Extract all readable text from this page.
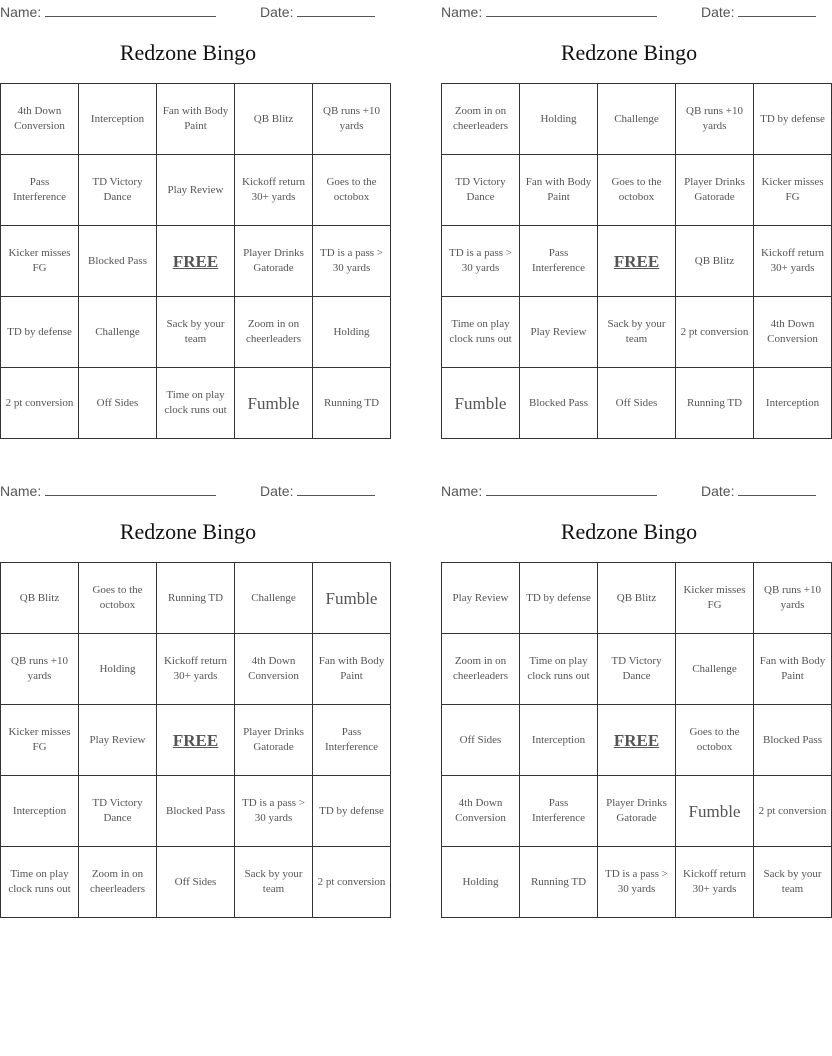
Name:	Date:
Redzone Bingo
4th Down Conversion	Interception	Fan with Body Paint	QB Blitz	QB runs +10 yards
Pass Interference	TD Victory Dance	Play Review	Kickoff return 30+ yards	Goes to the octobox
Kicker misses FG	Blocked Pass	FREE	Player Drinks Gatorade	TD is a pass > 30 yards
TD by defense	Challenge	Sack by your team	Zoom in on cheerleaders	Holding
2 pt conversion	Off Sides	Time on play clock runs out	Fumble	Running TD
Name:	Date:
Redzone Bingo
Zoom in on cheerleaders	Holding	Challenge	QB runs +10 yards	TD by defense
TD Victory Dance	Fan with Body Paint	Goes to the octobox	Player Drinks Gatorade	Kicker misses FG
TD is a pass > 30 yards	Pass Interference	FREE	QB Blitz	Kickoff return 30+ yards
Time on play clock runs out	Play Review	Sack by your team	2 pt conversion	4th Down Conversion
Fumble	Blocked Pass	Off Sides	Running TD	Interception
Name:	Date:
Redzone Bingo
QB Blitz	Goes to the octobox	Running TD	Challenge	Fumble
QB runs +10 yards	Holding	Kickoff return 30+ yards	4th Down Conversion	Fan with Body Paint
Kicker misses FG	Play Review	FREE	Player Drinks Gatorade	Pass Interference
Interception	TD Victory Dance	Blocked Pass	TD is a pass > 30 yards	TD by defense
Time on play clock runs out	Zoom in on cheerleaders	Off Sides	Sack by your team	2 pt conversion
Name:	Date:
Redzone Bingo
Play Review	TD by defense	QB Blitz	Kicker misses FG	QB runs +10 yards
Zoom in on cheerleaders	Time on play clock runs out	TD Victory Dance	Challenge	Fan with Body Paint
Off Sides	Interception	FREE	Goes to the octobox	Blocked Pass
4th Down Conversion	Pass Interference	Player Drinks Gatorade	Fumble	2 pt conversion
Holding	Running TD	TD is a pass > 30 yards	Kickoff return 30+ yards	Sack by your team
